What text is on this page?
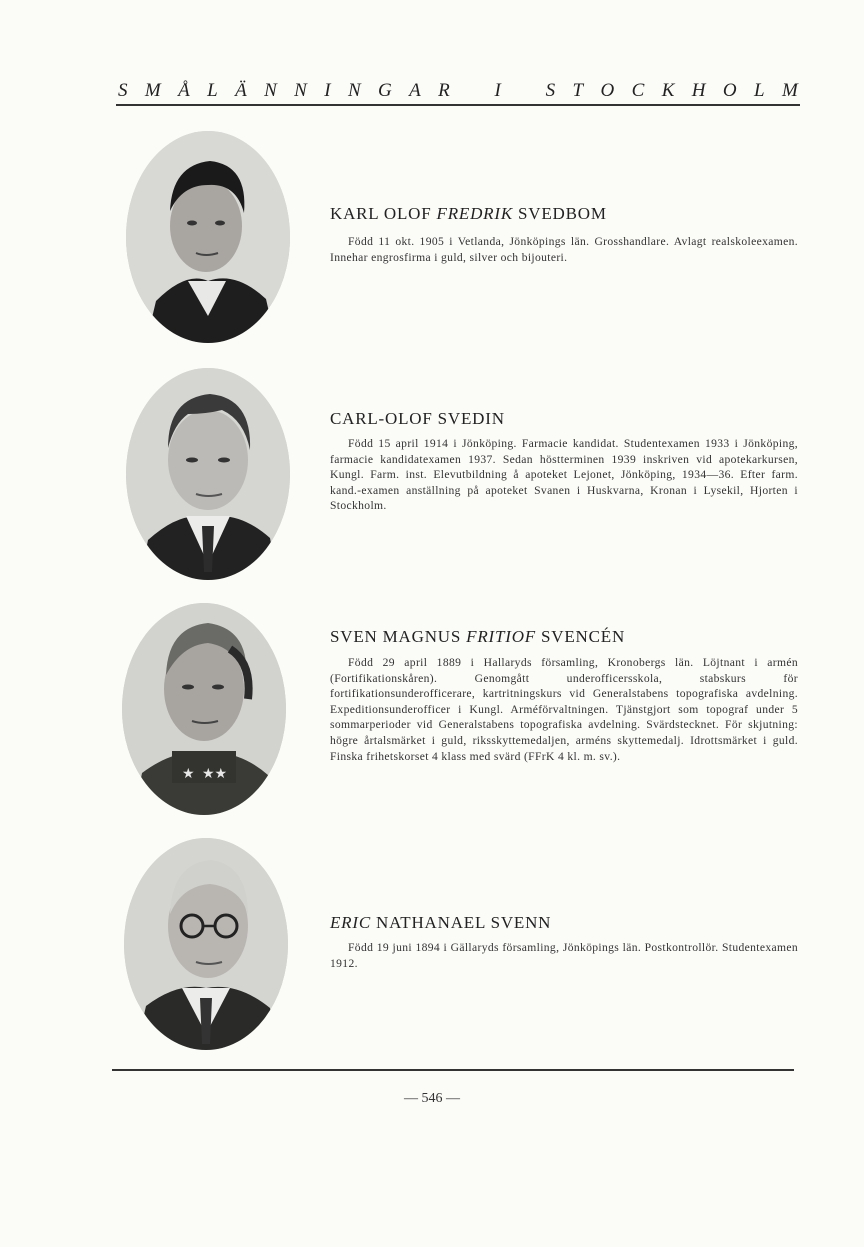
S M Å L Ä N N I N G A R I S T O C K H O L M
KARL OLOF FREDRIK SVEDBOM

Född 11 okt. 1905 i Vetlanda, Jönköpings län. Grosshandlare. Avlagt realskoleexamen. Innehar engrosfirma i guld, silver och bijouteri.

CARL-OLOF SVEDIN

Född 15 april 1914 i Jönköping. Farmacie kandidat. Studentexamen 1933 i Jönköping, farmacie kandidatexamen 1937. Sedan höstterminen 1939 inskriven vid apotekarkursen, Kungl. Farm. inst. Elevutbildning å apoteket Lejonet, Jönköping, 1934—36. Efter farm. kand.-examen anställning på apoteket Svanen i Huskvarna, Kronan i Lysekil, Hjorten i Stockholm.

★ ★★
SVEN MAGNUS FRITIOF SVENCÉN

Född 29 april 1889 i Hallaryds församling, Kronobergs län. Löjtnant i armén (Fortifikationskåren). Genomgått underofficersskola, stabskurs för fortifikationsunderofficerare, kartritningskurs vid Generalstabens topografiska avdelning. Expeditionsunderofficer i Kungl. Arméförvaltningen. Tjänstgjort som topograf under 5 sommarperioder vid Generalstabens topografiska avdelning. Svärdstecknet. För skjutning: högre årtalsmärket i guld, riksskyttemedaljen, arméns skyttemedalj. Idrottsmärket i guld. Finska frihetskorset 4 klass med svärd (FFrK 4 kl. m. sv.).

ERIC NATHANAEL SVENN

Född 19 juni 1894 i Gällaryds församling, Jönköpings län. Postkontrollör. Studentexamen 1912.

— 546 —
